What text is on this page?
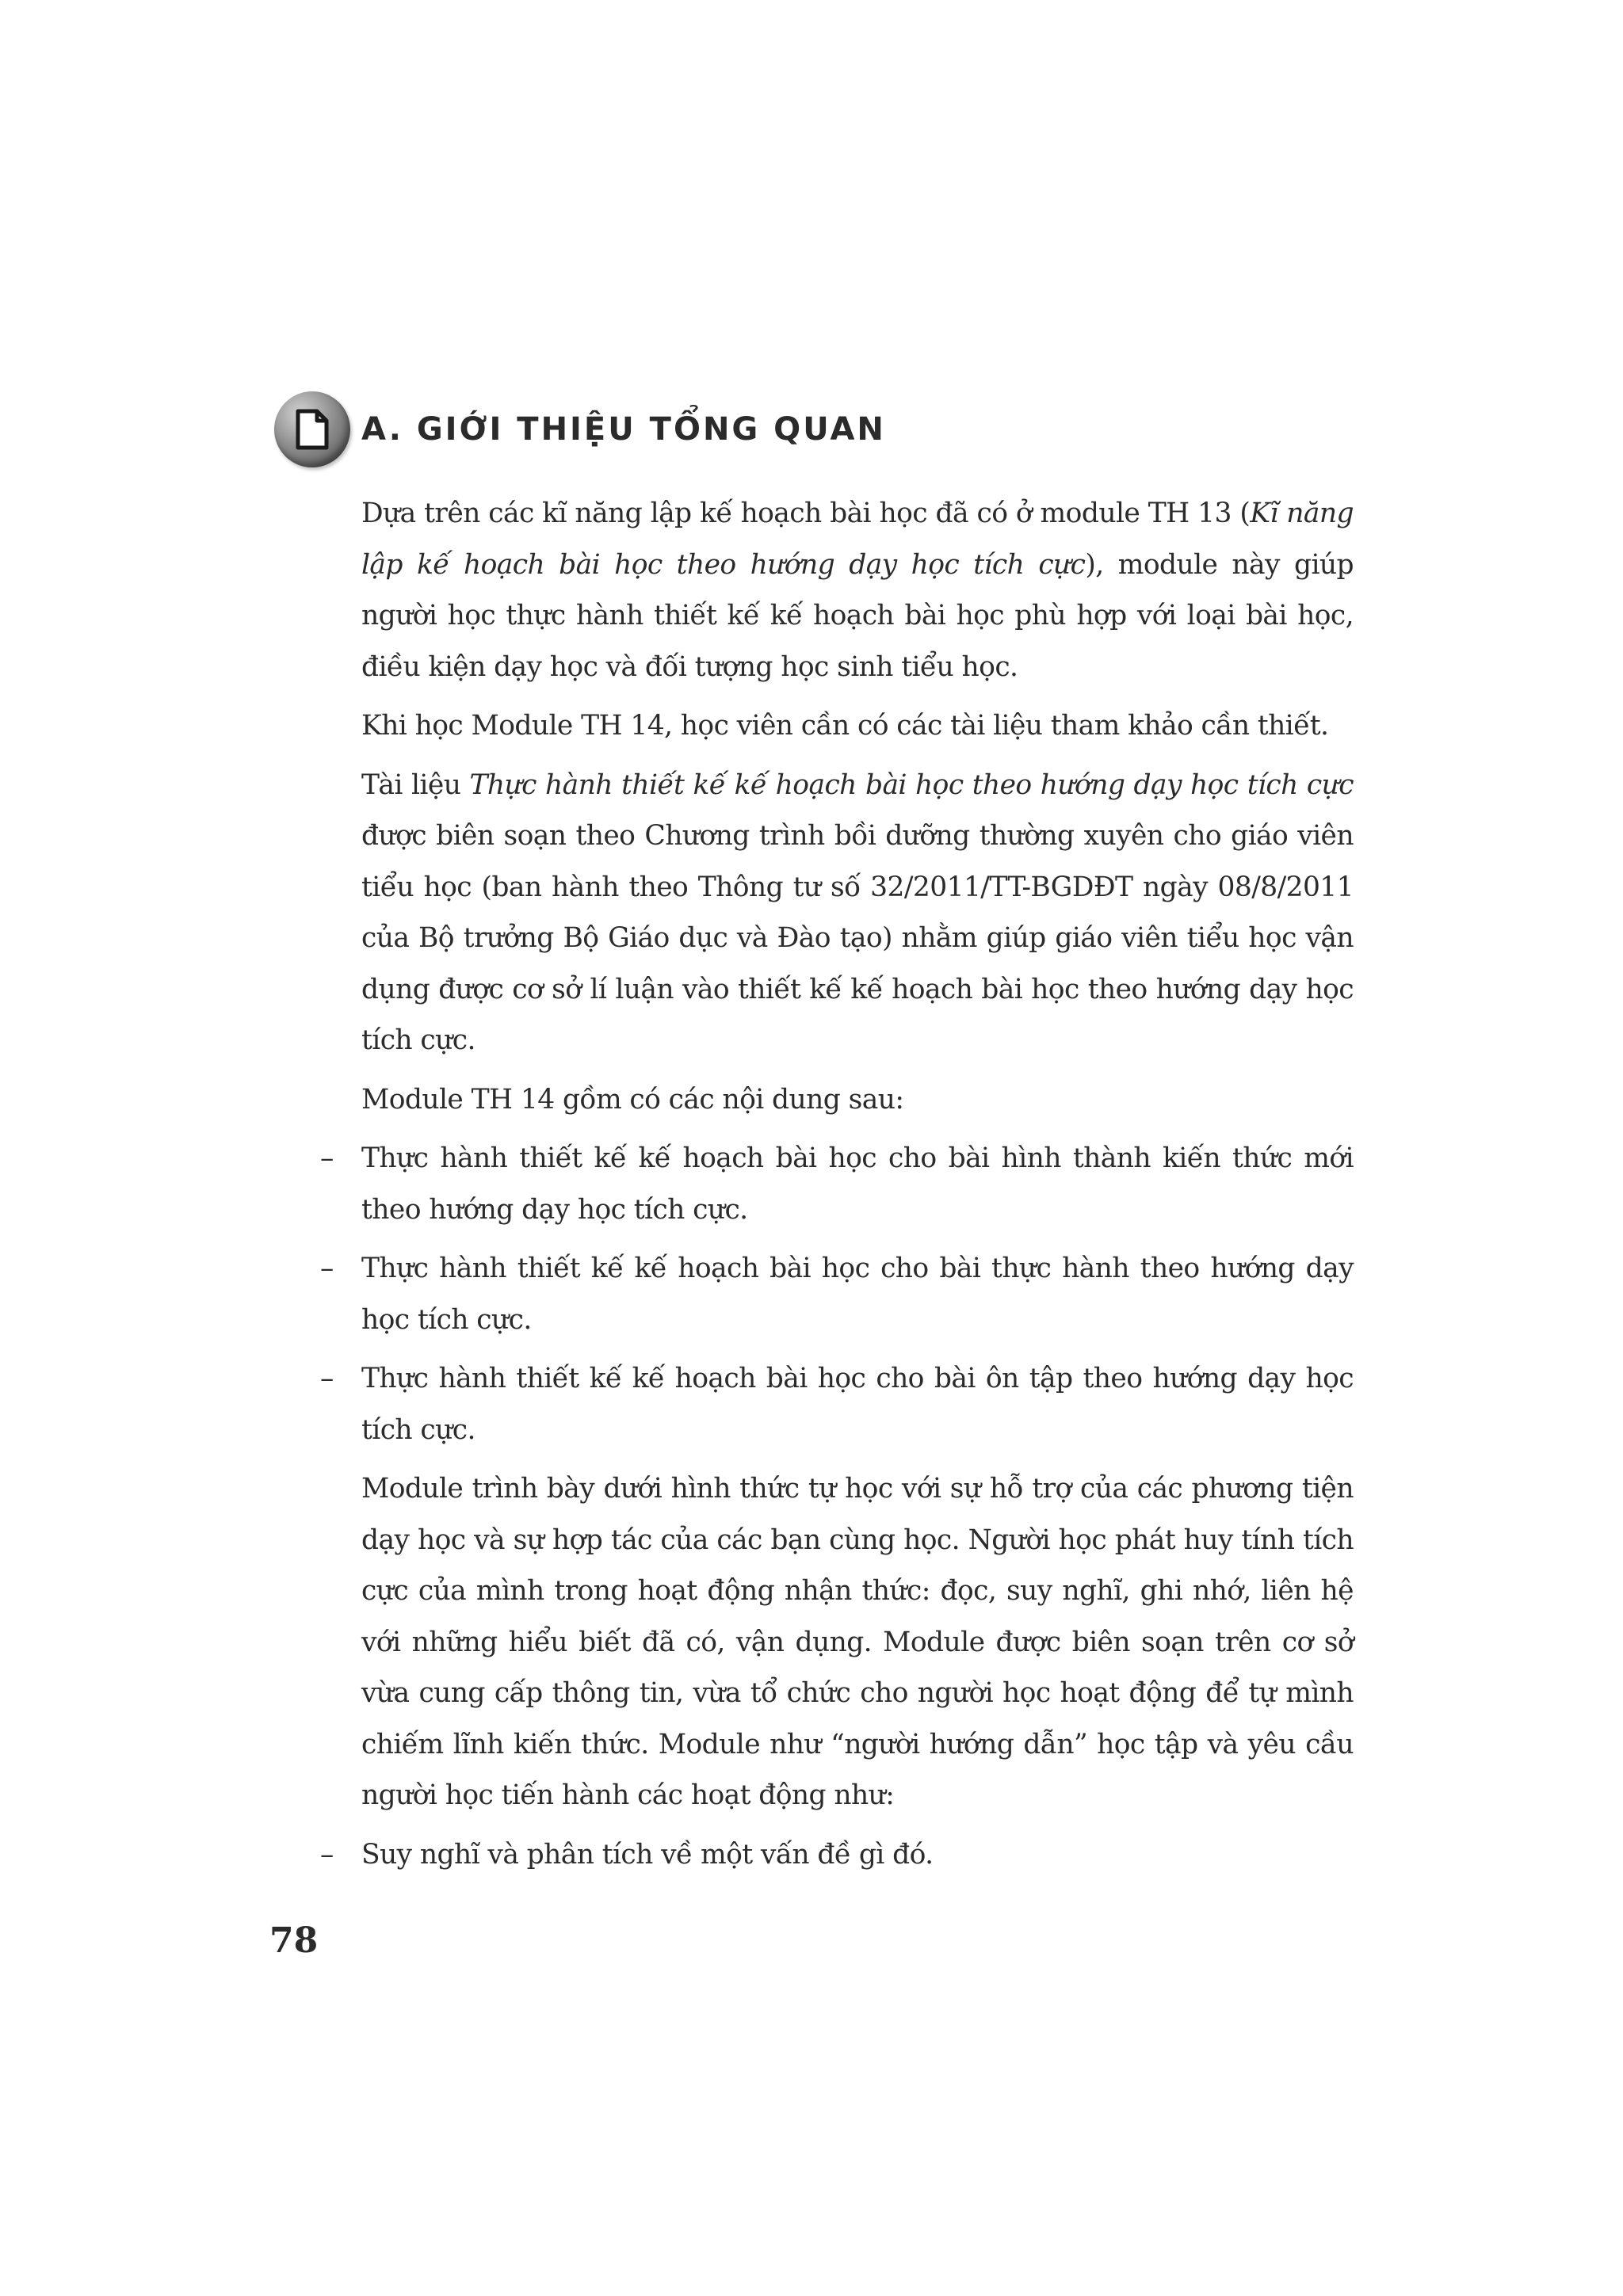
A. GIỚI THIỆU TỔNG QUAN

Dựa trên các kĩ năng lập kế hoạch bài học đã có ở module TH 13 (Kĩ năng lập kế hoạch bài học theo hướng dạy học tích cực), module này giúp người học thực hành thiết kế kế hoạch bài học phù hợp với loại bài học, điều kiện dạy học và đối tượng học sinh tiểu học.

Khi học Module TH 14, học viên cần có các tài liệu tham khảo cần thiết.

Tài liệu Thực hành thiết kế kế hoạch bài học theo hướng dạy học tích cực được biên soạn theo Chương trình bồi dưỡng thường xuyên cho giáo viên tiểu học (ban hành theo Thông tư số 32/2011/TT-BGDĐT ngày 08/8/2011 của Bộ trưởng Bộ Giáo dục và Đào tạo) nhằm giúp giáo viên tiểu học vận dụng được cơ sở lí luận vào thiết kế kế hoạch bài học theo hướng dạy học tích cực.

Module TH 14 gồm có các nội dung sau:

– Thực hành thiết kế kế hoạch bài học cho bài hình thành kiến thức mới theo hướng dạy học tích cực.
– Thực hành thiết kế kế hoạch bài học cho bài thực hành theo hướng dạy học tích cực.
– Thực hành thiết kế kế hoạch bài học cho bài ôn tập theo hướng dạy học tích cực.

Module trình bày dưới hình thức tự học với sự hỗ trợ của các phương tiện dạy học và sự hợp tác của các bạn cùng học. Người học phát huy tính tích cực của mình trong hoạt động nhận thức: đọc, suy nghĩ, ghi nhớ, liên hệ với những hiểu biết đã có, vận dụng. Module được biên soạn trên cơ sở vừa cung cấp thông tin, vừa tổ chức cho người học hoạt động để tự mình chiếm lĩnh kiến thức. Module như “người hướng dẫn” học tập và yêu cầu người học tiến hành các hoạt động như:

– Suy nghĩ và phân tích về một vấn đề gì đó.
78
